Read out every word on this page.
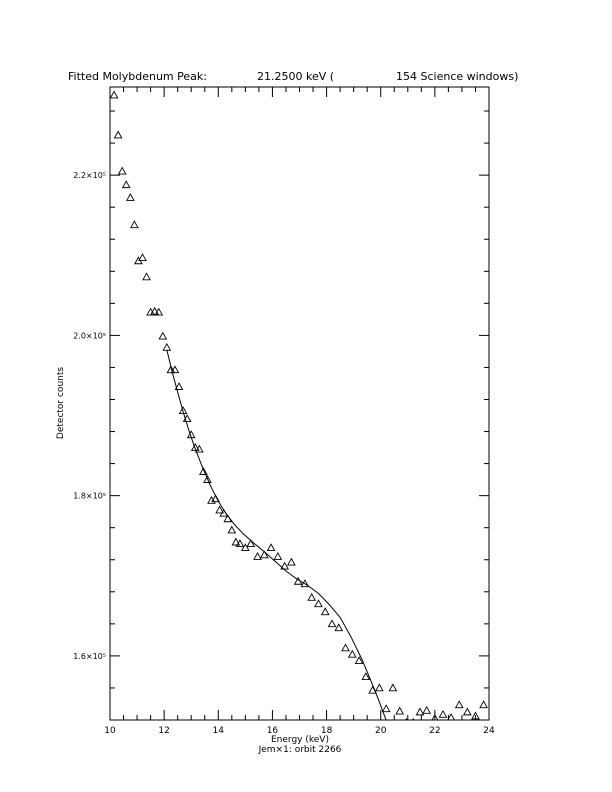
Fitted Molybdenum Peak:	21.2500 keV (	154 Science windows)
10	12	14	16	18	20	22	24
1.6×10⁵
1.8×10⁵
2.0×10⁵
2.2×10⁵
Energy (keV)
Jem×1: orbit 2266
Detector counts
